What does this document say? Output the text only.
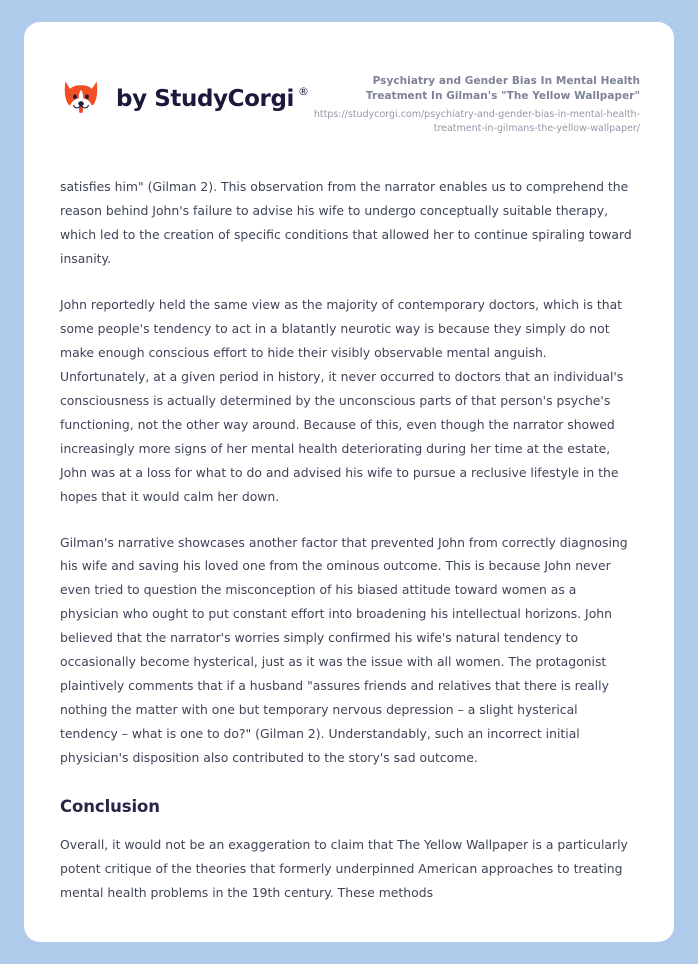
by StudyCorgi ®
Psychiatry and Gender Bias In Mental Health Treatment In Gilman's "The Yellow Wallpaper"
https://studycorgi.com/psychiatry-and-gender-bias-in-mental-health-treatment-in-gilmans-the-yellow-wallpaper/

satisfies him" (Gilman 2). This observation from the narrator enables us to comprehend the reason behind John's failure to advise his wife to undergo conceptually suitable therapy, which led to the creation of specific conditions that allowed her to continue spiraling toward insanity.

John reportedly held the same view as the majority of contemporary doctors, which is that some people's tendency to act in a blatantly neurotic way is because they simply do not make enough conscious effort to hide their visibly observable mental anguish. Unfortunately, at a given period in history, it never occurred to doctors that an individual's consciousness is actually determined by the unconscious parts of that person's psyche's functioning, not the other way around. Because of this, even though the narrator showed increasingly more signs of her mental health deteriorating during her time at the estate, John was at a loss for what to do and advised his wife to pursue a reclusive lifestyle in the hopes that it would calm her down.

Gilman's narrative showcases another factor that prevented John from correctly diagnosing his wife and saving his loved one from the ominous outcome. This is because John never even tried to question the misconception of his biased attitude toward women as a physician who ought to put constant effort into broadening his intellectual horizons. John believed that the narrator's worries simply confirmed his wife's natural tendency to occasionally become hysterical, just as it was the issue with all women. The protagonist plaintively comments that if a husband "assures friends and relatives that there is really nothing the matter with one but temporary nervous depression – a slight hysterical tendency – what is one to do?" (Gilman 2). Understandably, such an incorrect initial physician's disposition also contributed to the story's sad outcome.

Conclusion

Overall, it would not be an exaggeration to claim that The Yellow Wallpaper is a particularly potent critique of the theories that formerly underpinned American approaches to treating mental health problems in the 19th century. These methods
